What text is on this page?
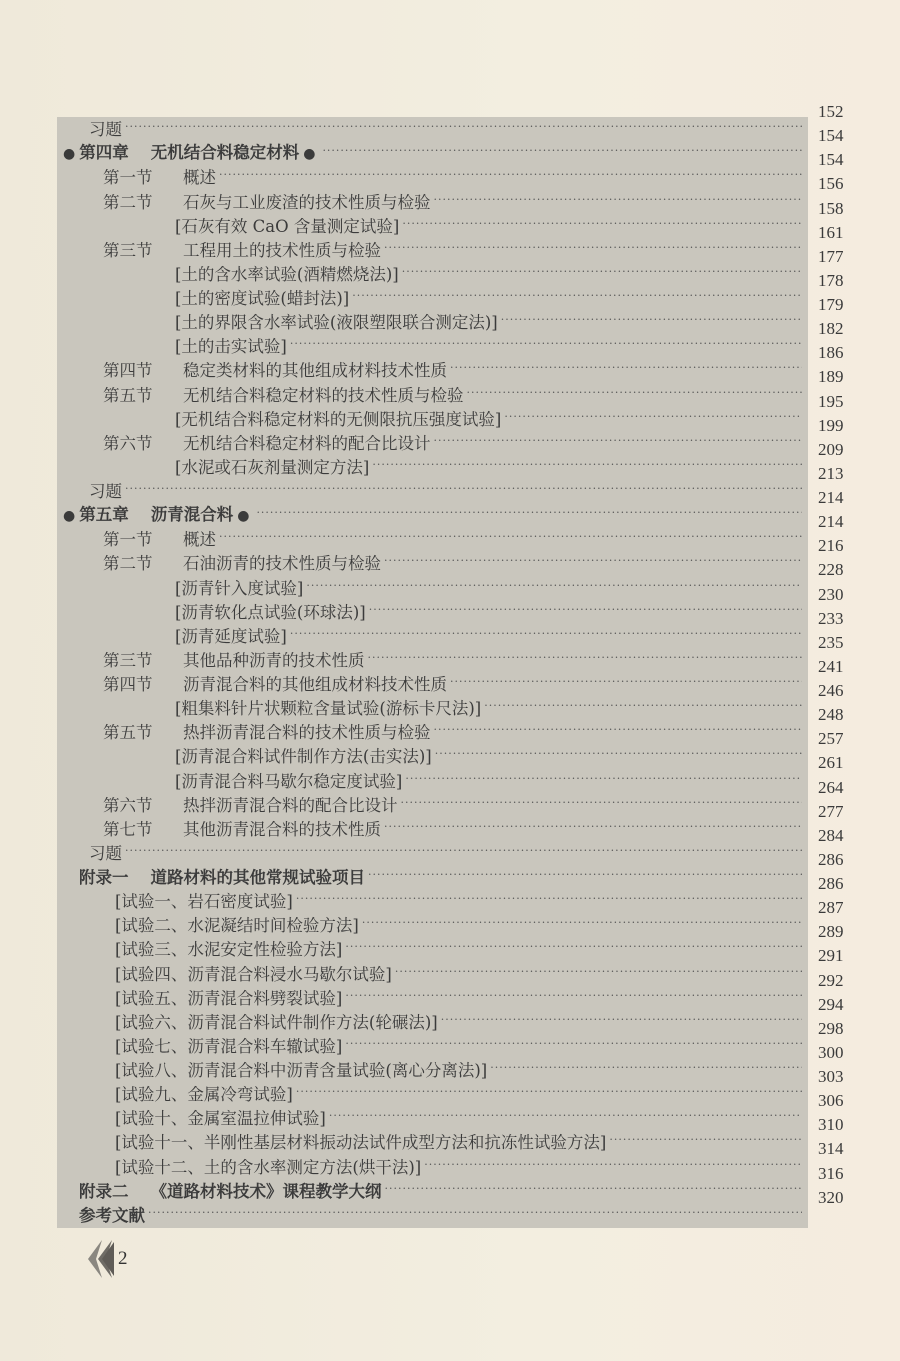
习题
·····
● 第四章 无机结合料稳定材料 ●
·····
第一节 概述
·····
第二节 石灰与工业废渣的技术性质与检验
·····
[石灰有效 CaO 含量测定试验]
·····
第三节 工程用土的技术性质与检验
·····
[土的含水率试验(酒精燃烧法)]
·····
[土的密度试验(蜡封法)]
·····
[土的界限含水率试验(液限塑限联合测定法)]
·····
[土的击实试验]
·····
第四节 稳定类材料的其他组成材料技术性质
·····
第五节 无机结合料稳定材料的技术性质与检验
·····
[无机结合料稳定材料的无侧限抗压强度试验]
·····
第六节 无机结合料稳定材料的配合比设计
·····
[水泥或石灰剂量测定方法]
·····
习题
·····
● 第五章 沥青混合料 ●
·····
第一节 概述
·····
第二节 石油沥青的技术性质与检验
·····
[沥青针入度试验]
·····
[沥青软化点试验(环球法)]
·····
[沥青延度试验]
·····
第三节 其他品种沥青的技术性质
·····
第四节 沥青混合料的其他组成材料技术性质
·····
[粗集料针片状颗粒含量试验(游标卡尺法)]
·····
第五节 热拌沥青混合料的技术性质与检验
·····
[沥青混合料试件制作方法(击实法)]
·····
[沥青混合料马歇尔稳定度试验]
·····
第六节 热拌沥青混合料的配合比设计
·····
第七节 其他沥青混合料的技术性质
·····
习题
·····
附录一 道路材料的其他常规试验项目
·····
[试验一、岩石密度试验]
·····
[试验二、水泥凝结时间检验方法]
·····
[试验三、水泥安定性检验方法]
·····
[试验四、沥青混合料浸水马歇尔试验]
·····
[试验五、沥青混合料劈裂试验]
·····
[试验六、沥青混合料试件制作方法(轮碾法)]
·····
[试验七、沥青混合料车辙试验]
·····
[试验八、沥青混合料中沥青含量试验(离心分离法)]
·····
[试验九、金属冷弯试验]
·····
[试验十、金属室温拉伸试验]
·····
[试验十一、半刚性基层材料振动法试件成型方法和抗冻性试验方法]
·····
[试验十二、土的含水率测定方法(烘干法)]
·····
附录二 《道路材料技术》课程教学大纲
·····
参考文献
·····
152
154
154
156
158
161
177
178
179
182
186
189
195
199
209
213
214
214
216
228
230
233
235
241
246
248
257
261
264
277
284
286
286
287
289
291
292
294
298
300
303
306
310
314
316
320
2
